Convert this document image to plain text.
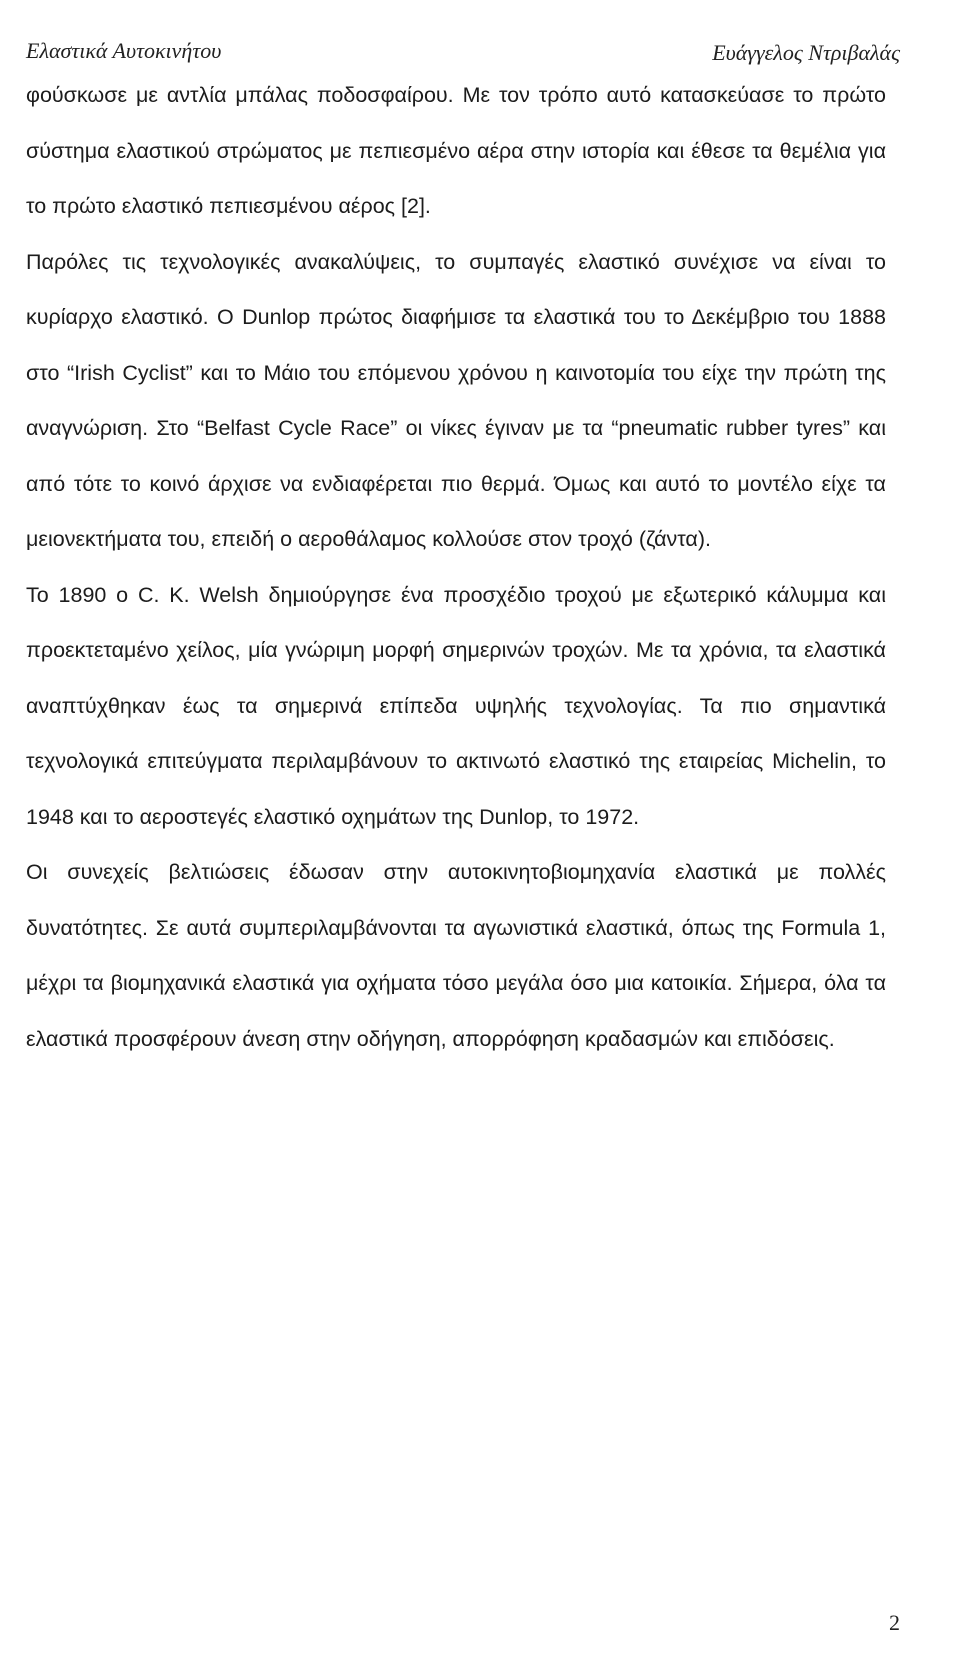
Ελαστικά Αυτοκινήτου	Ευάγγελος Ντριβαλάς

φούσκωσε με αντλία μπάλας ποδοσφαίρου. Με τον τρόπο αυτό κατασκεύασε το πρώτο σύστημα ελαστικού στρώματος με πεπιεσμένο αέρα στην ιστορία και έθεσε τα θεμέλια για το πρώτο ελαστικό πεπιεσμένου αέρος [2].

Παρόλες τις τεχνολογικές ανακαλύψεις, το συμπαγές ελαστικό συνέχισε να είναι το κυρίαρχο ελαστικό. Ο Dunlop πρώτος διαφήμισε τα ελαστικά του το Δεκέμβριο του 1888 στο “Irish Cyclist” και το Μάιο του επόμενου χρόνου η καινοτομία του είχε την πρώτη της αναγνώριση. Στο “Belfast Cycle Race” οι νίκες έγιναν με τα “pneumatic rubber tyres” και από τότε το κοινό άρχισε να ενδιαφέρεται πιο θερμά. Όμως και αυτό το μοντέλο είχε τα μειονεκτήματα του, επειδή ο αεροθάλαμος κολλούσε στον τροχό (ζάντα).

Το 1890 ο C. K. Welsh δημιούργησε ένα προσχέδιο τροχού με εξωτερικό κάλυμμα και προεκτεταμένο χείλος, μία γνώριμη μορφή σημερινών τροχών. Με τα χρόνια, τα ελαστικά αναπτύχθηκαν έως τα σημερινά επίπεδα υψηλής τεχνολογίας. Τα πιο σημαντικά τεχνολογικά επιτεύγματα περιλαμβάνουν το ακτινωτό ελαστικό της εταιρείας Michelin, το 1948 και το αεροστεγές ελαστικό οχημάτων της Dunlop, το 1972.

Οι συνεχείς βελτιώσεις έδωσαν στην αυτοκινητοβιομηχανία ελαστικά με πολλές δυνατότητες. Σε αυτά συμπεριλαμβάνονται τα αγωνιστικά ελαστικά, όπως της Formula 1, μέχρι τα βιομηχανικά ελαστικά για οχήματα τόσο μεγάλα όσο μια κατοικία. Σήμερα, όλα τα ελαστικά προσφέρουν άνεση στην οδήγηση, απορρόφηση κραδασμών και επιδόσεις.

2
